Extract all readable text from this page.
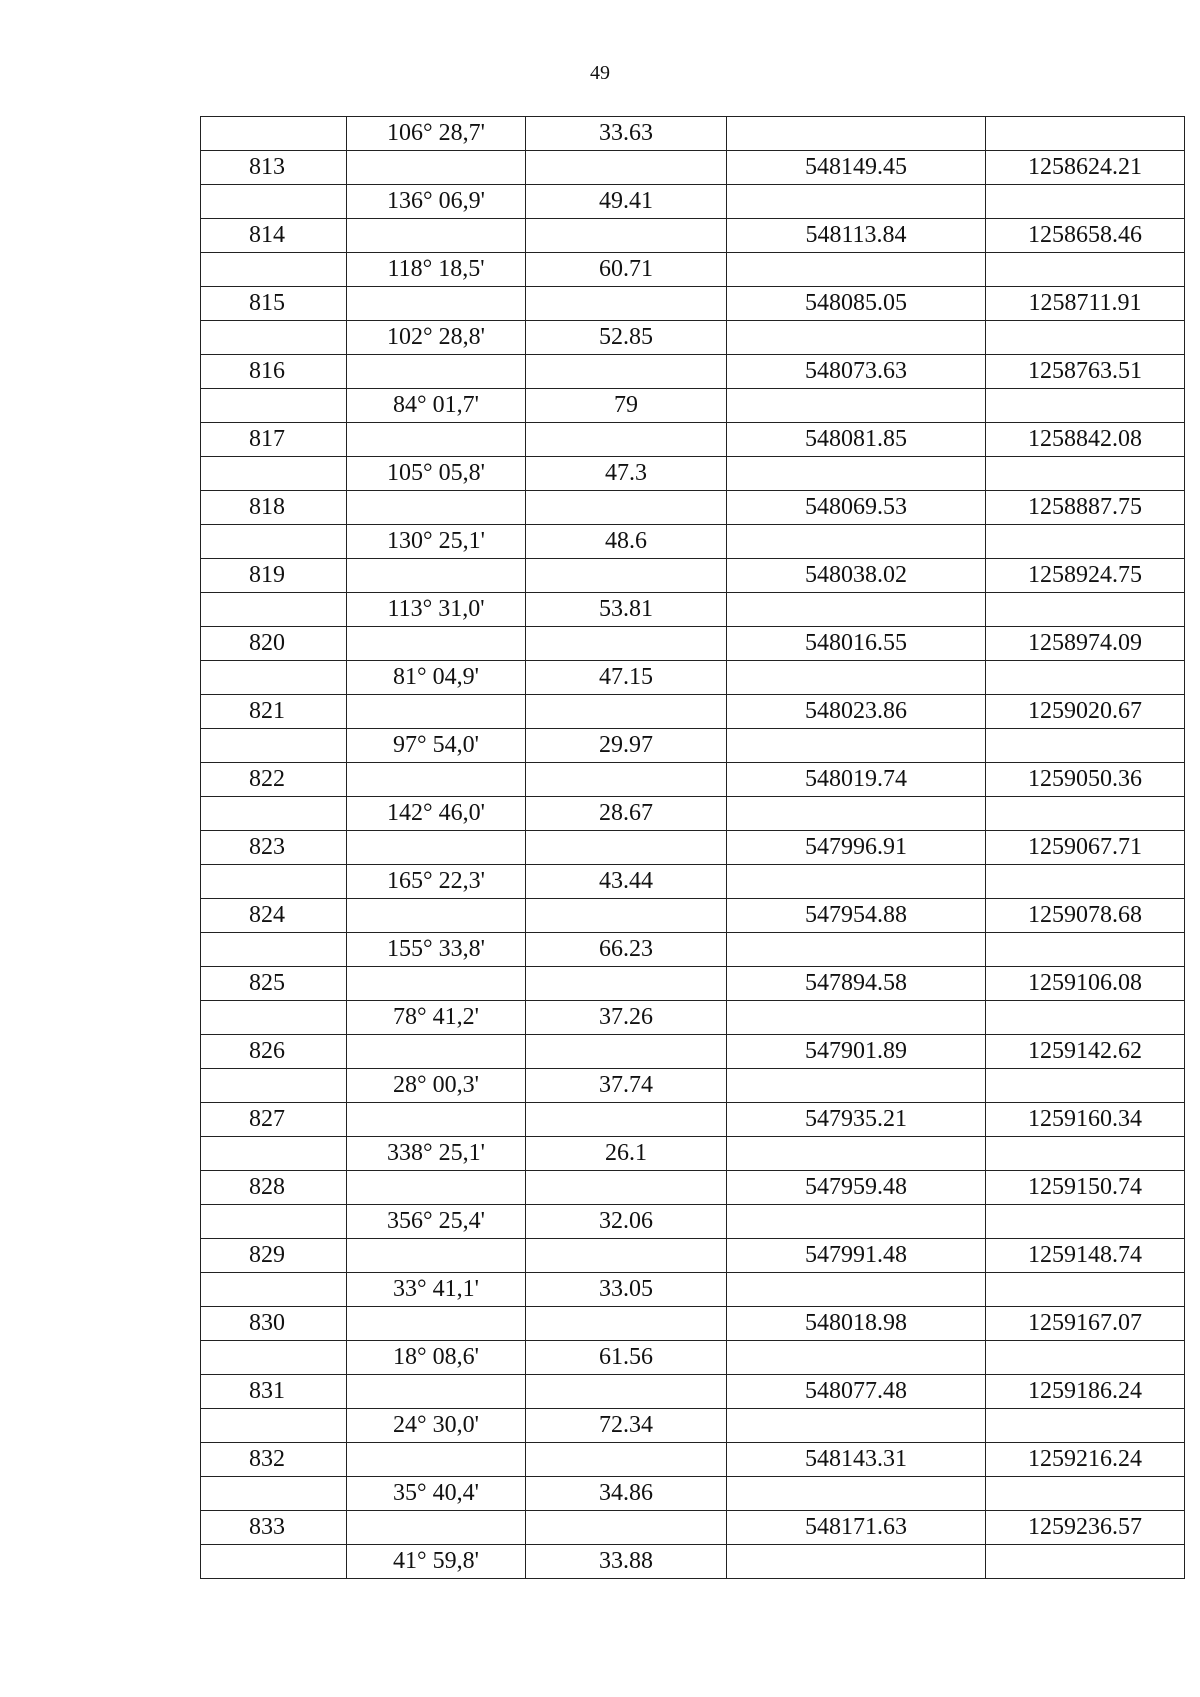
49
	106° 28,7'	33.63		
813			548149.45	1258624.21
	136° 06,9'	49.41		
814			548113.84	1258658.46
	118° 18,5'	60.71		
815			548085.05	1258711.91
	102° 28,8'	52.85		
816			548073.63	1258763.51
	84° 01,7'	79		
817			548081.85	1258842.08
	105° 05,8'	47.3		
818			548069.53	1258887.75
	130° 25,1'	48.6		
819			548038.02	1258924.75
	113° 31,0'	53.81		
820			548016.55	1258974.09
	81° 04,9'	47.15		
821			548023.86	1259020.67
	97° 54,0'	29.97		
822			548019.74	1259050.36
	142° 46,0'	28.67		
823			547996.91	1259067.71
	165° 22,3'	43.44		
824			547954.88	1259078.68
	155° 33,8'	66.23		
825			547894.58	1259106.08
	78° 41,2'	37.26		
826			547901.89	1259142.62
	28° 00,3'	37.74		
827			547935.21	1259160.34
	338° 25,1'	26.1		
828			547959.48	1259150.74
	356° 25,4'	32.06		
829			547991.48	1259148.74
	33° 41,1'	33.05		
830			548018.98	1259167.07
	18° 08,6'	61.56		
831			548077.48	1259186.24
	24° 30,0'	72.34		
832			548143.31	1259216.24
	35° 40,4'	34.86		
833			548171.63	1259236.57
	41° 59,8'	33.88		
